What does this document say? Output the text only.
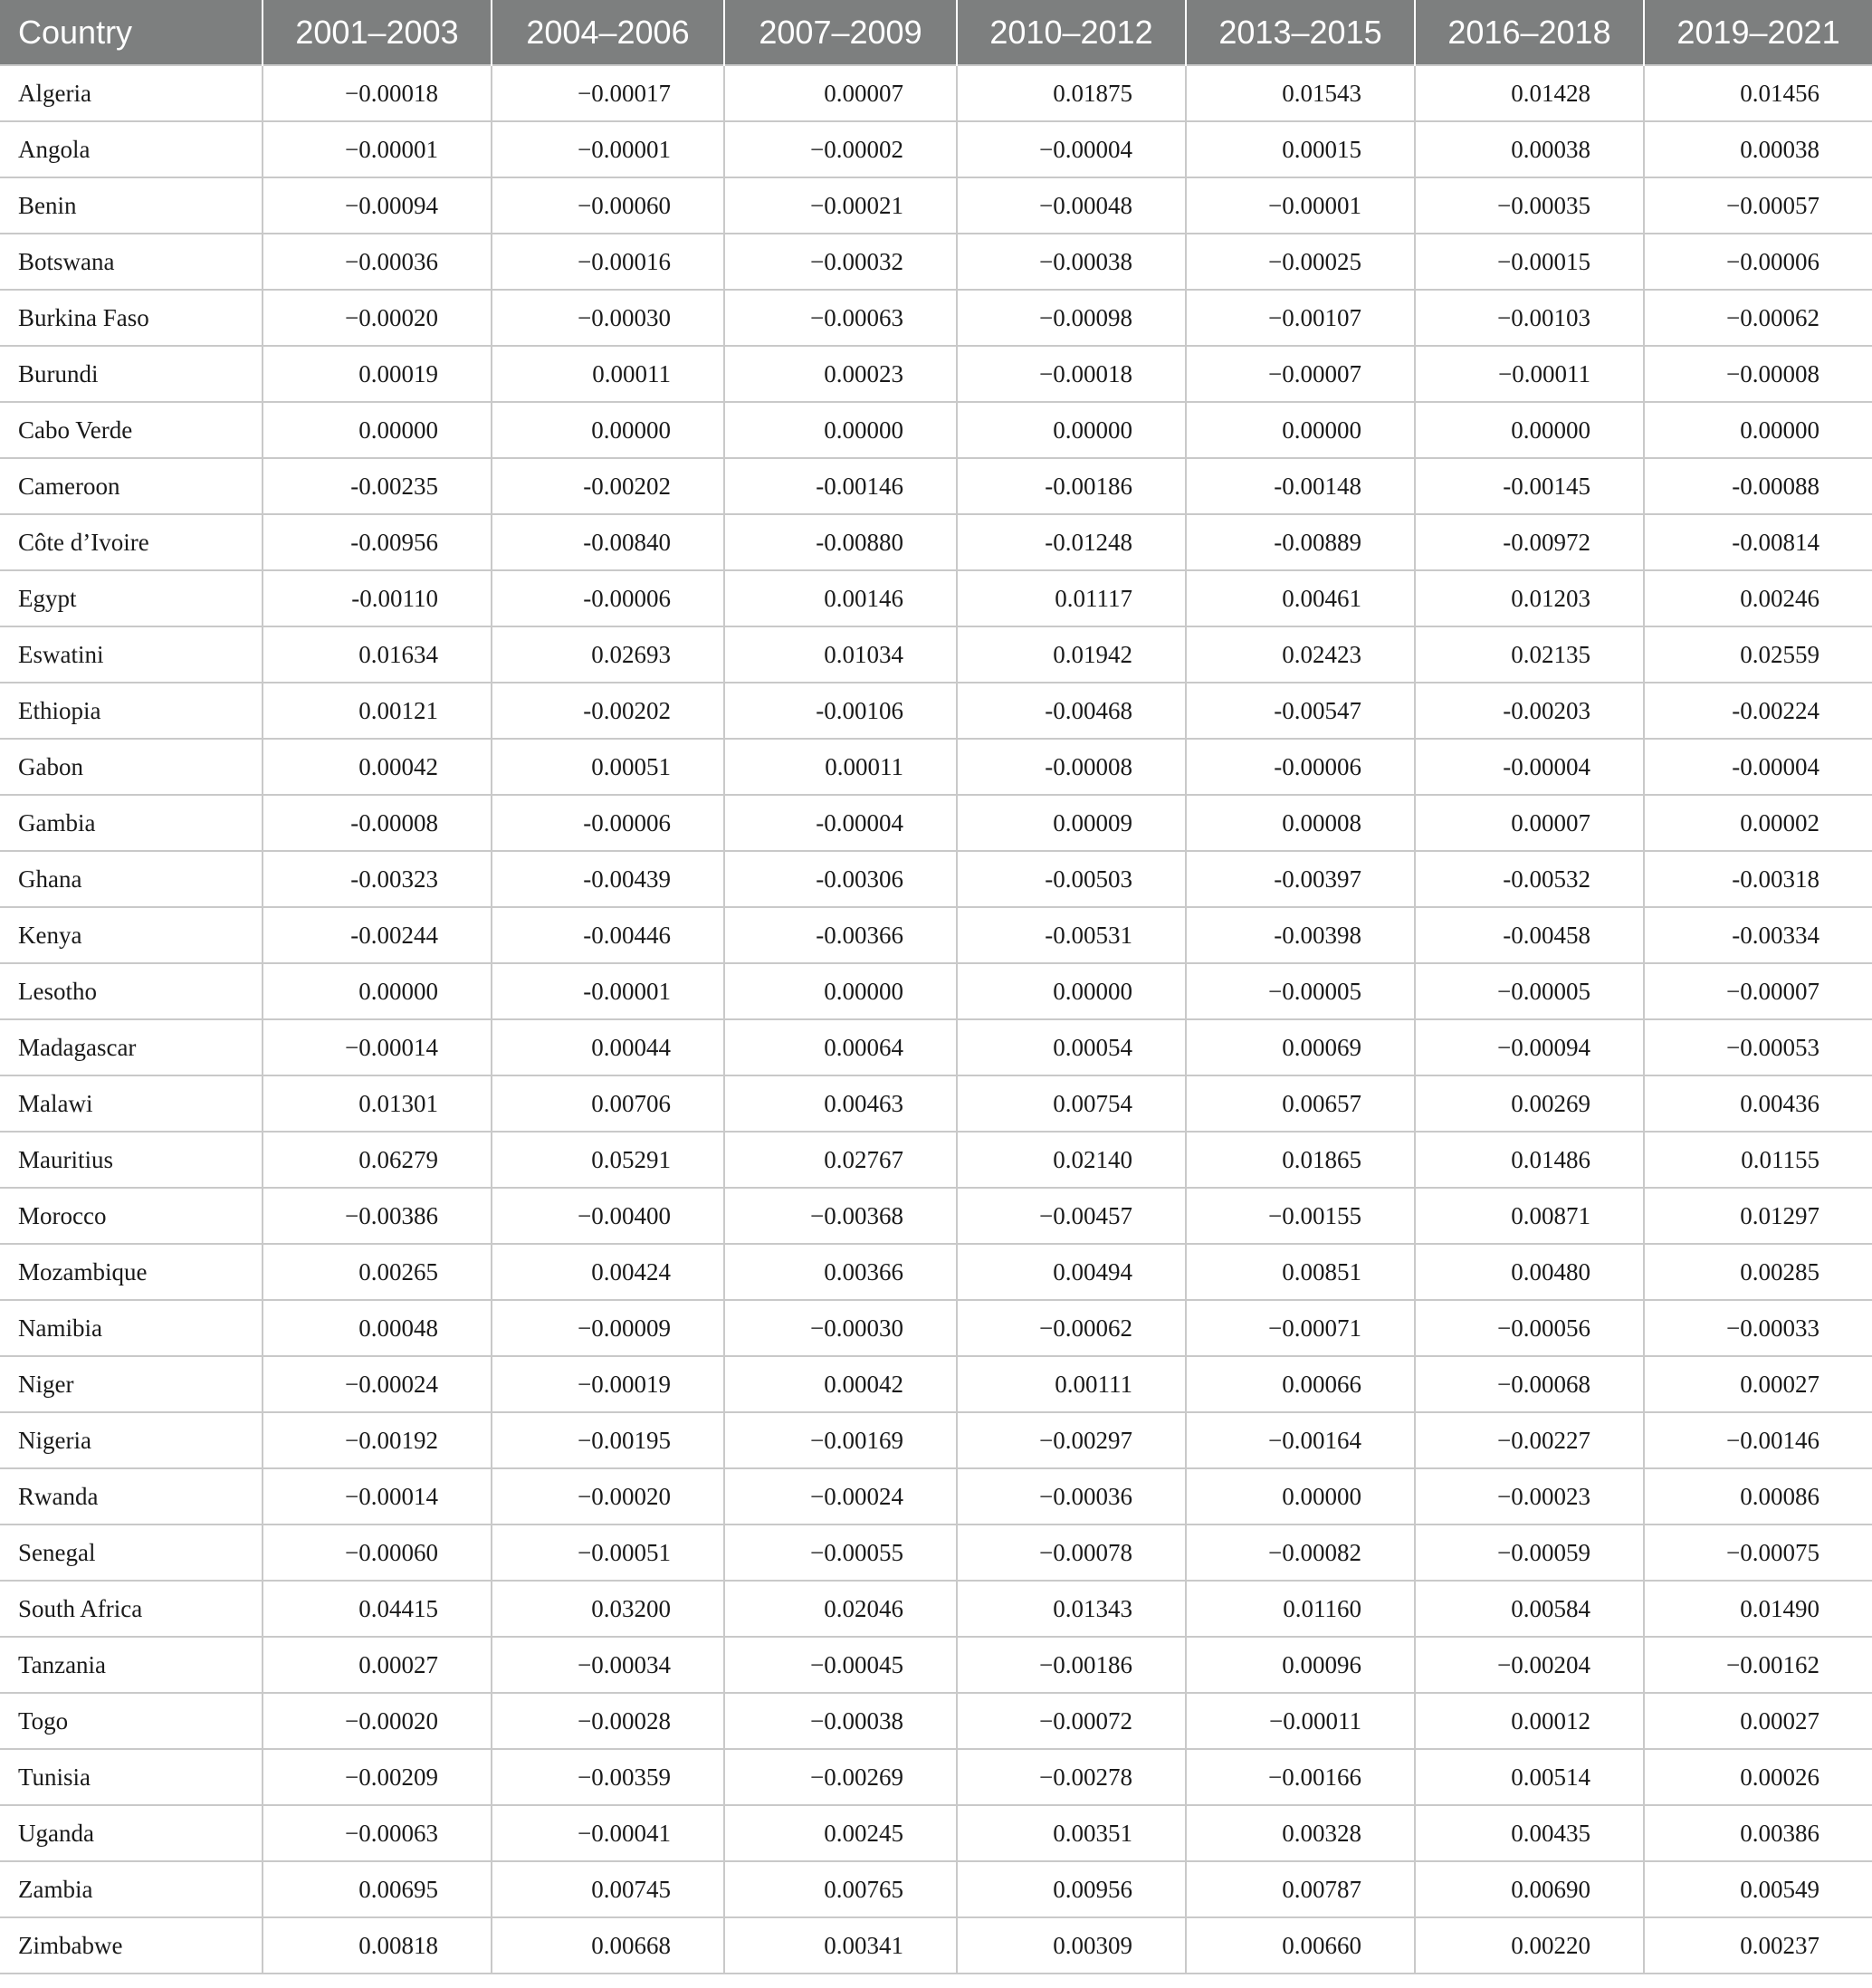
Country	2001–2003	2004–2006	2007–2009	2010–2012	2013–2015	2016–2018	2019–2021
Algeria	−0.00018	−0.00017	0.00007	0.01875	0.01543	0.01428	0.01456
Angola	−0.00001	−0.00001	−0.00002	−0.00004	0.00015	0.00038	0.00038
Benin	−0.00094	−0.00060	−0.00021	−0.00048	−0.00001	−0.00035	−0.00057
Botswana	−0.00036	−0.00016	−0.00032	−0.00038	−0.00025	−0.00015	−0.00006
Burkina Faso	−0.00020	−0.00030	−0.00063	−0.00098	−0.00107	−0.00103	−0.00062
Burundi	0.00019	0.00011	0.00023	−0.00018	−0.00007	−0.00011	−0.00008
Cabo Verde	0.00000	0.00000	0.00000	0.00000	0.00000	0.00000	0.00000
Cameroon	-0.00235	-0.00202	-0.00146	-0.00186	-0.00148	-0.00145	-0.00088
Côte d’Ivoire	-0.00956	-0.00840	-0.00880	-0.01248	-0.00889	-0.00972	-0.00814
Egypt	-0.00110	-0.00006	0.00146	0.01117	0.00461	0.01203	0.00246
Eswatini	0.01634	0.02693	0.01034	0.01942	0.02423	0.02135	0.02559
Ethiopia	0.00121	-0.00202	-0.00106	-0.00468	-0.00547	-0.00203	-0.00224
Gabon	0.00042	0.00051	0.00011	-0.00008	-0.00006	-0.00004	-0.00004
Gambia	-0.00008	-0.00006	-0.00004	0.00009	0.00008	0.00007	0.00002
Ghana	-0.00323	-0.00439	-0.00306	-0.00503	-0.00397	-0.00532	-0.00318
Kenya	-0.00244	-0.00446	-0.00366	-0.00531	-0.00398	-0.00458	-0.00334
Lesotho	0.00000	-0.00001	0.00000	0.00000	−0.00005	−0.00005	−0.00007
Madagascar	−0.00014	0.00044	0.00064	0.00054	0.00069	−0.00094	−0.00053
Malawi	0.01301	0.00706	0.00463	0.00754	0.00657	0.00269	0.00436
Mauritius	0.06279	0.05291	0.02767	0.02140	0.01865	0.01486	0.01155
Morocco	−0.00386	−0.00400	−0.00368	−0.00457	−0.00155	0.00871	0.01297
Mozambique	0.00265	0.00424	0.00366	0.00494	0.00851	0.00480	0.00285
Namibia	0.00048	−0.00009	−0.00030	−0.00062	−0.00071	−0.00056	−0.00033
Niger	−0.00024	−0.00019	0.00042	0.00111	0.00066	−0.00068	0.00027
Nigeria	−0.00192	−0.00195	−0.00169	−0.00297	−0.00164	−0.00227	−0.00146
Rwanda	−0.00014	−0.00020	−0.00024	−0.00036	0.00000	−0.00023	0.00086
Senegal	−0.00060	−0.00051	−0.00055	−0.00078	−0.00082	−0.00059	−0.00075
South Africa	0.04415	0.03200	0.02046	0.01343	0.01160	0.00584	0.01490
Tanzania	0.00027	−0.00034	−0.00045	−0.00186	0.00096	−0.00204	−0.00162
Togo	−0.00020	−0.00028	−0.00038	−0.00072	−0.00011	0.00012	0.00027
Tunisia	−0.00209	−0.00359	−0.00269	−0.00278	−0.00166	0.00514	0.00026
Uganda	−0.00063	−0.00041	0.00245	0.00351	0.00328	0.00435	0.00386
Zambia	0.00695	0.00745	0.00765	0.00956	0.00787	0.00690	0.00549
Zimbabwe	0.00818	0.00668	0.00341	0.00309	0.00660	0.00220	0.00237
